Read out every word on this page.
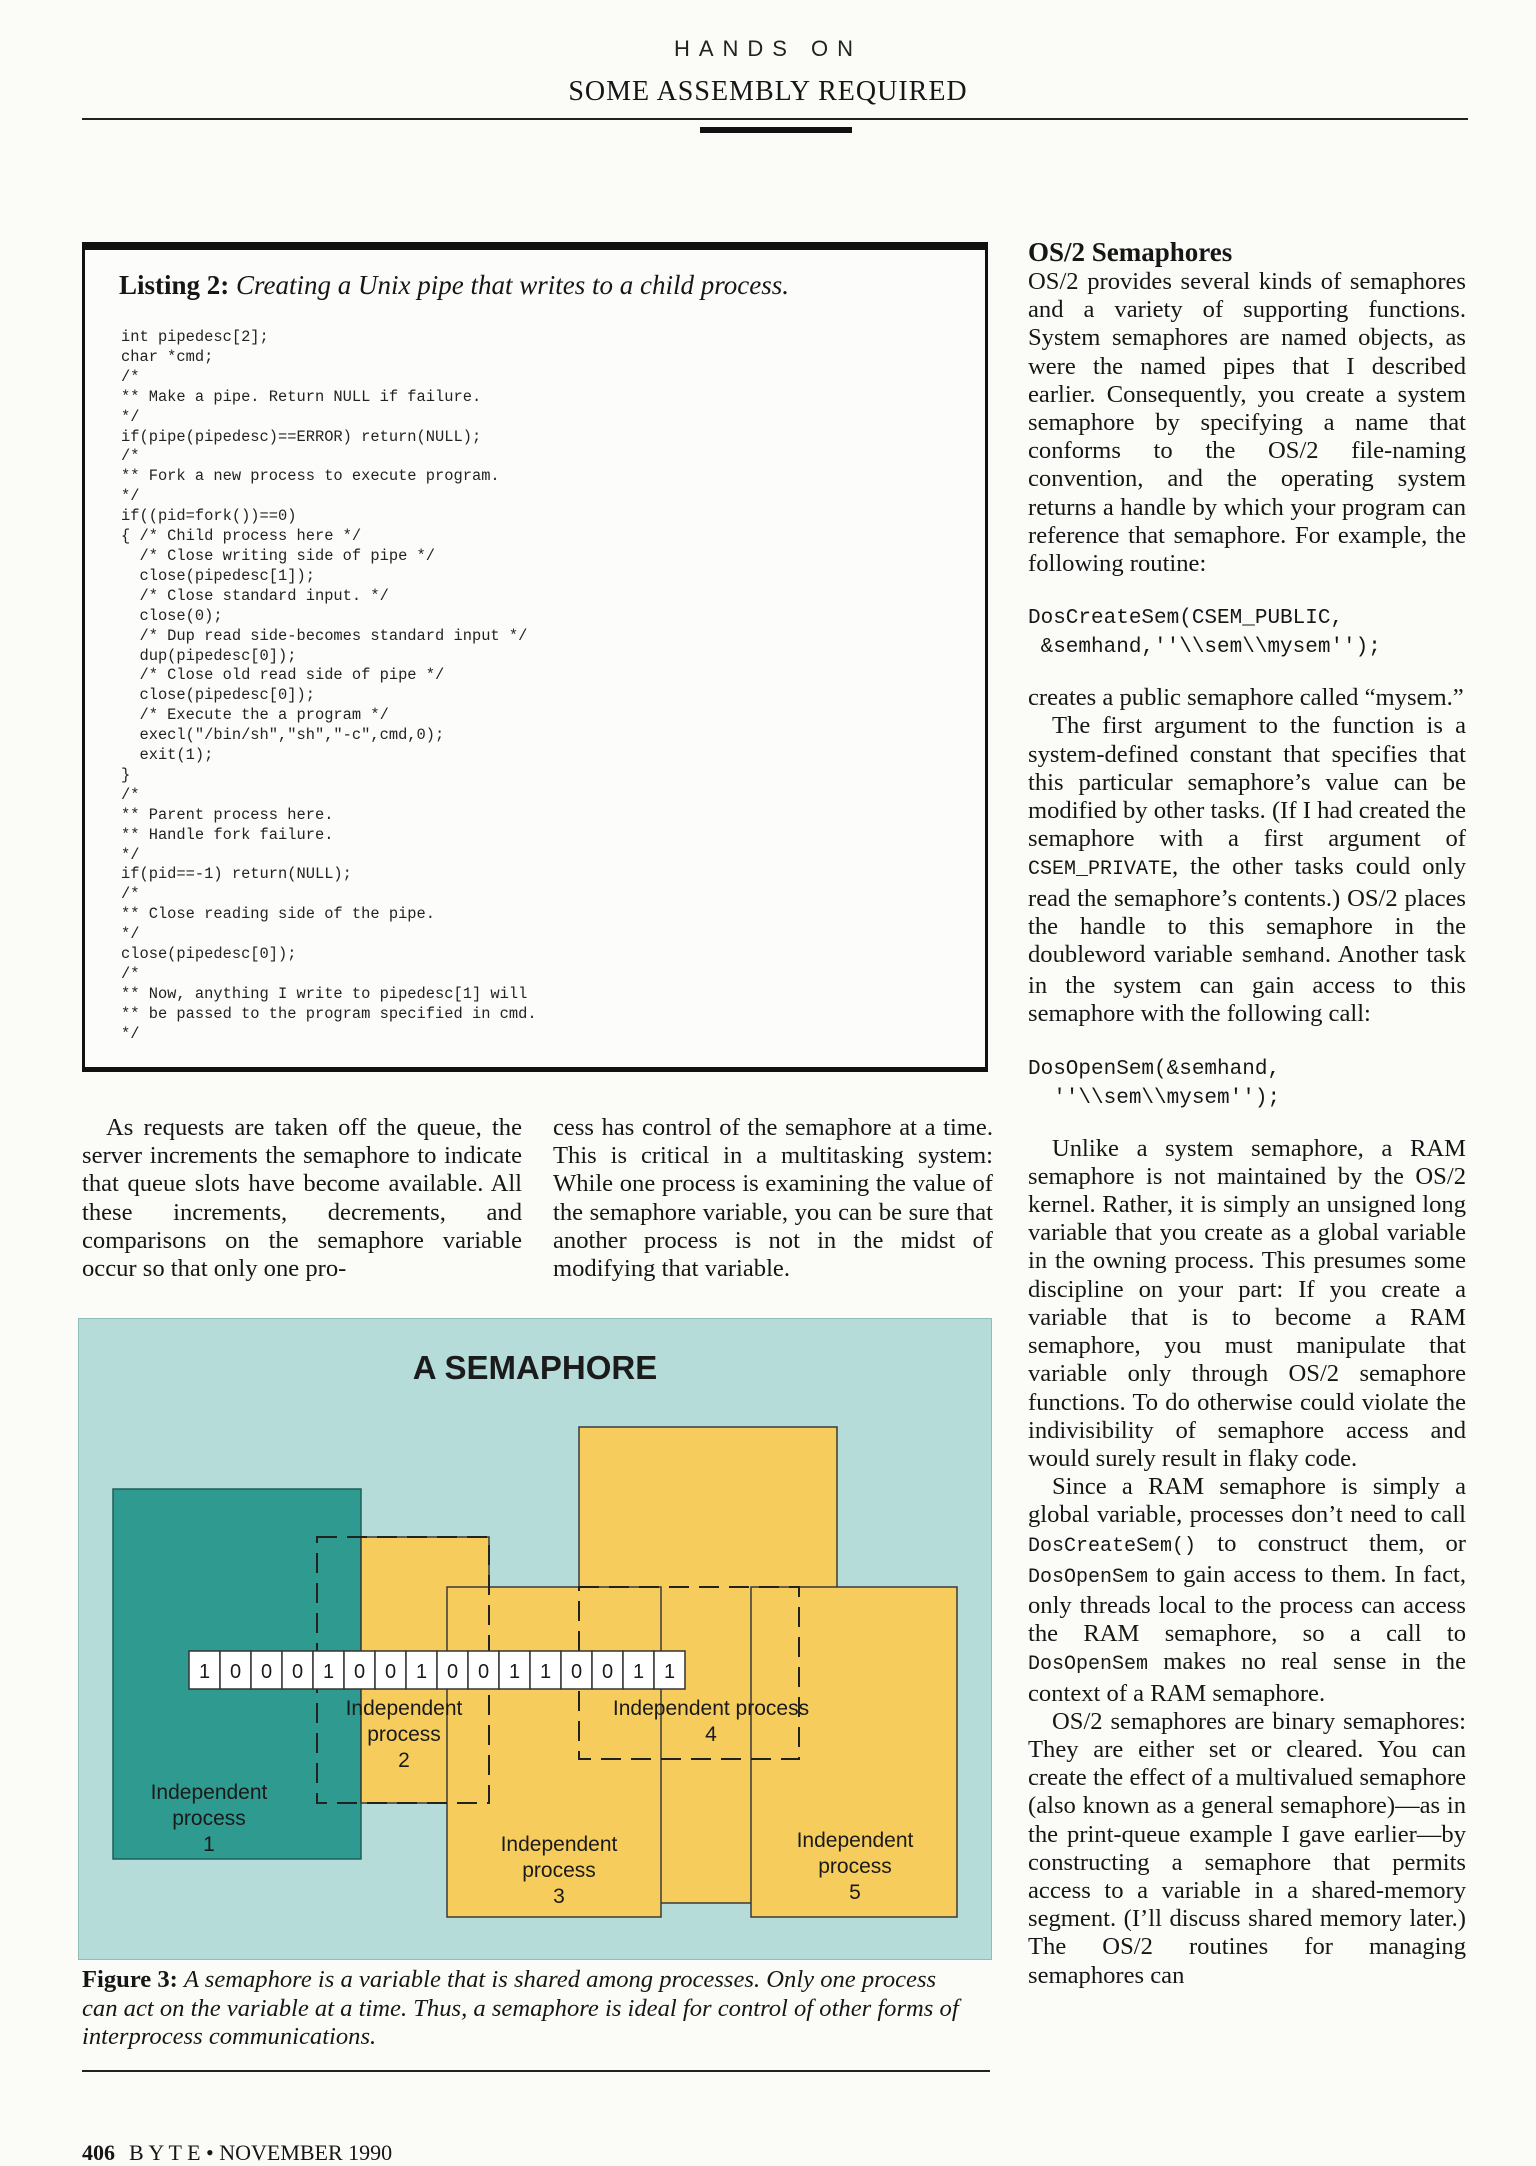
HANDS ON
SOME ASSEMBLY REQUIRED
Listing 2: Creating a Unix pipe that writes to a child process.
int pipedesc[2];
char *cmd;
/*
** Make a pipe. Return NULL if failure.
*/
if(pipe(pipedesc)==ERROR) return(NULL);
/*
** Fork a new process to execute program.
*/
if((pid=fork())==0)
{ /* Child process here */
/* Close writing side of pipe */
close(pipedesc[1]);
/* Close standard input. */
close(0);
/* Dup read side-becomes standard input */
dup(pipedesc[0]);
/* Close old read side of pipe */
close(pipedesc[0]);
/* Execute the a program */
execl("/bin/sh","sh","-c",cmd,0);
exit(1);
}
/*
** Parent process here.
** Handle fork failure.
*/
if(pid==-1) return(NULL);
/*
** Close reading side of the pipe.
*/
close(pipedesc[0]);
/*
** Now, anything I write to pipedesc[1] will
** be passed to the program specified in cmd.
*/

As requests are taken off the queue, the server increments the semaphore to indicate that queue slots have become available. All these increments, decrements, and comparisons on the semaphore variable occur so that only one pro-

cess has control of the semaphore at a time. This is critical in a multitasking system: While one process is examining the value of the semaphore variable, you can be sure that another process is not in the midst of modifying that variable.

1 0 0 0 1 0 0 1 0 0 1 1 0 0 1 1
Independent
process
1
Independent
process
2
Independent
process
3
Independent process
4
Independent
process
5
A SEMAPHORE
Figure 3: A semaphore is a variable that is shared among processes. Only one process can act on the variable at a time. Thus, a semaphore is ideal for control of other forms of interprocess communications.
OS/2 Semaphores

OS/2 provides several kinds of semaphores and a variety of supporting functions. System semaphores are named objects, as were the named pipes that I described earlier. Consequently, you create a system semaphore by specifying a name that conforms to the OS/2 file-naming convention, and the operating system returns a handle by which your program can reference that semaphore. For example, the following routine:

DosCreateSem(CSEM_PUBLIC,
&semhand,''\\sem\\mysem'');

creates a public semaphore called “mysem.”

The first argument to the function is a system-defined constant that specifies that this particular semaphore’s value can be modified by other tasks. (If I had created the semaphore with a first argument of CSEM_PRIVATE, the other tasks could only read the semaphore’s contents.) OS/2 places the handle to this semaphore in the doubleword variable semhand. Another task in the system can gain access to this semaphore with the following call:

DosOpenSem(&semhand,
''\\sem\\mysem'');

Unlike a system semaphore, a RAM semaphore is not maintained by the OS/2 kernel. Rather, it is simply an unsigned long variable that you create as a global variable in the owning process. This presumes some discipline on your part: If you create a variable that is to become a RAM semaphore, you must manipulate that variable only through OS/2 semaphore functions. To do otherwise could violate the indivisibility of semaphore access and would surely result in flaky code.

Since a RAM semaphore is simply a global variable, processes don’t need to call DosCreateSem() to construct them, or DosOpenSem to gain access to them. In fact, only threads local to the process can access the RAM semaphore, so a call to DosOpenSem makes no real sense in the context of a RAM semaphore.

OS/2 semaphores are binary semaphores: They are either set or cleared. You can create the effect of a multivalued semaphore (also known as a general semaphore)—as in the print-queue example I gave earlier—by constructing a semaphore that permits access to a variable in a shared-memory segment. (I’ll discuss shared memory later.) The OS/2 routines for managing semaphores can

406 B Y T E • NOVEMBER 1990
